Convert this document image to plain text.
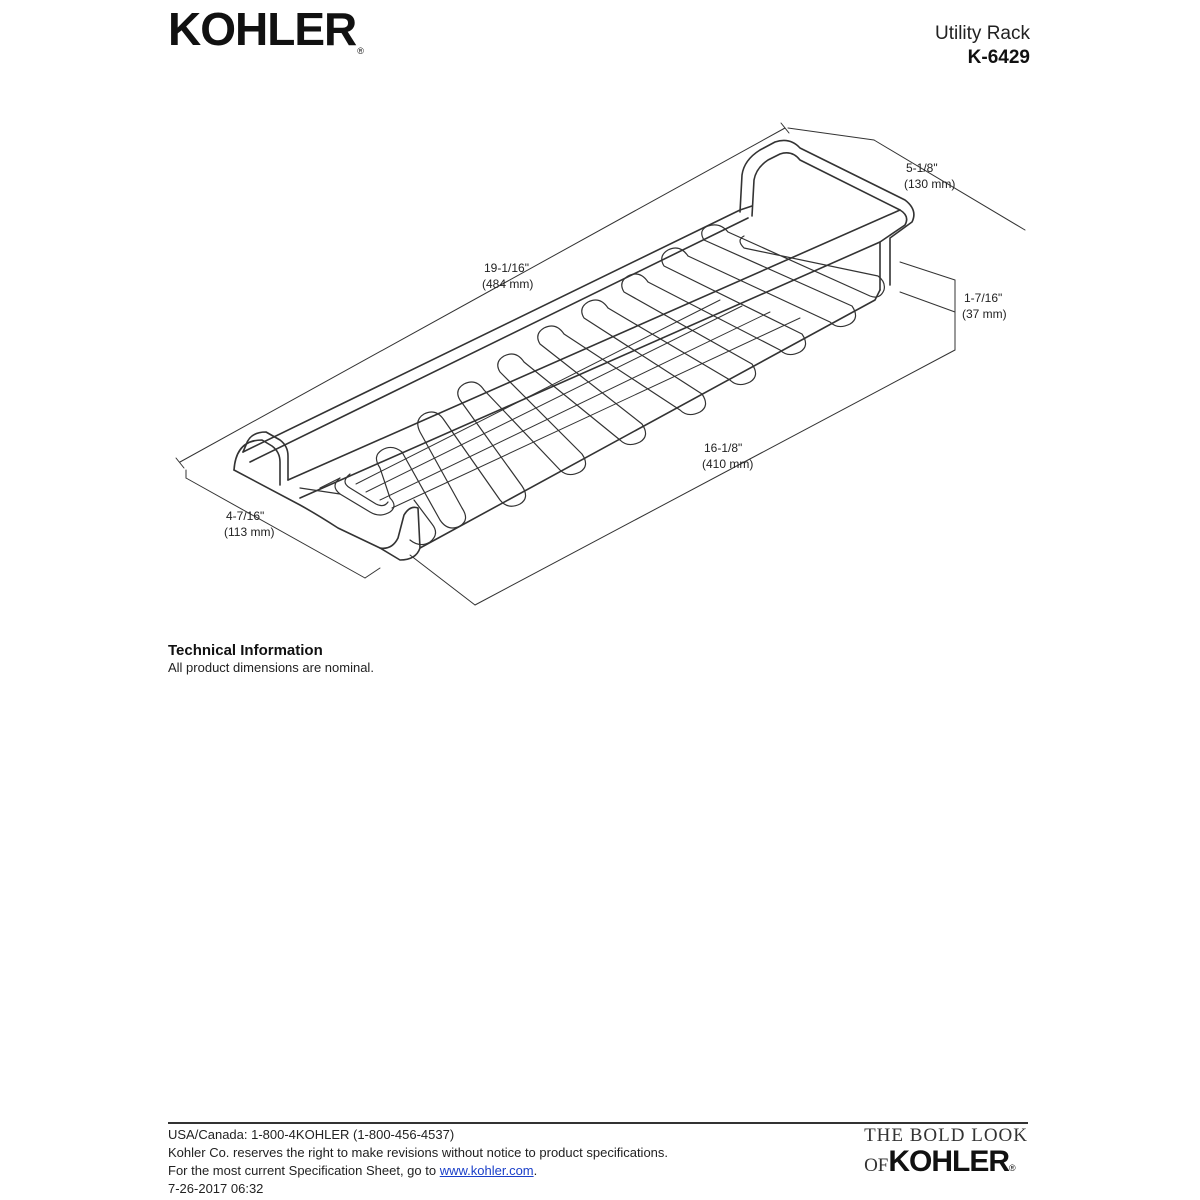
KOHLER®
Utility Rack
K-6429
19-1/16"
(484 mm)
5-1/8"
(130 mm)
1-7/16"
(37 mm)
16-1/8"
(410 mm)
4-7/16"
(113 mm)
Technical Information
All product dimensions are nominal.
USA/Canada: 1-800-4KOHLER (1-800-456-4537)
Kohler Co. reserves the right to make revisions without notice to product specifications.
For the most current Specification Sheet, go to www.kohler.com.
7-26-2017 06:32
THE BOLD LOOK
OFKOHLER®
